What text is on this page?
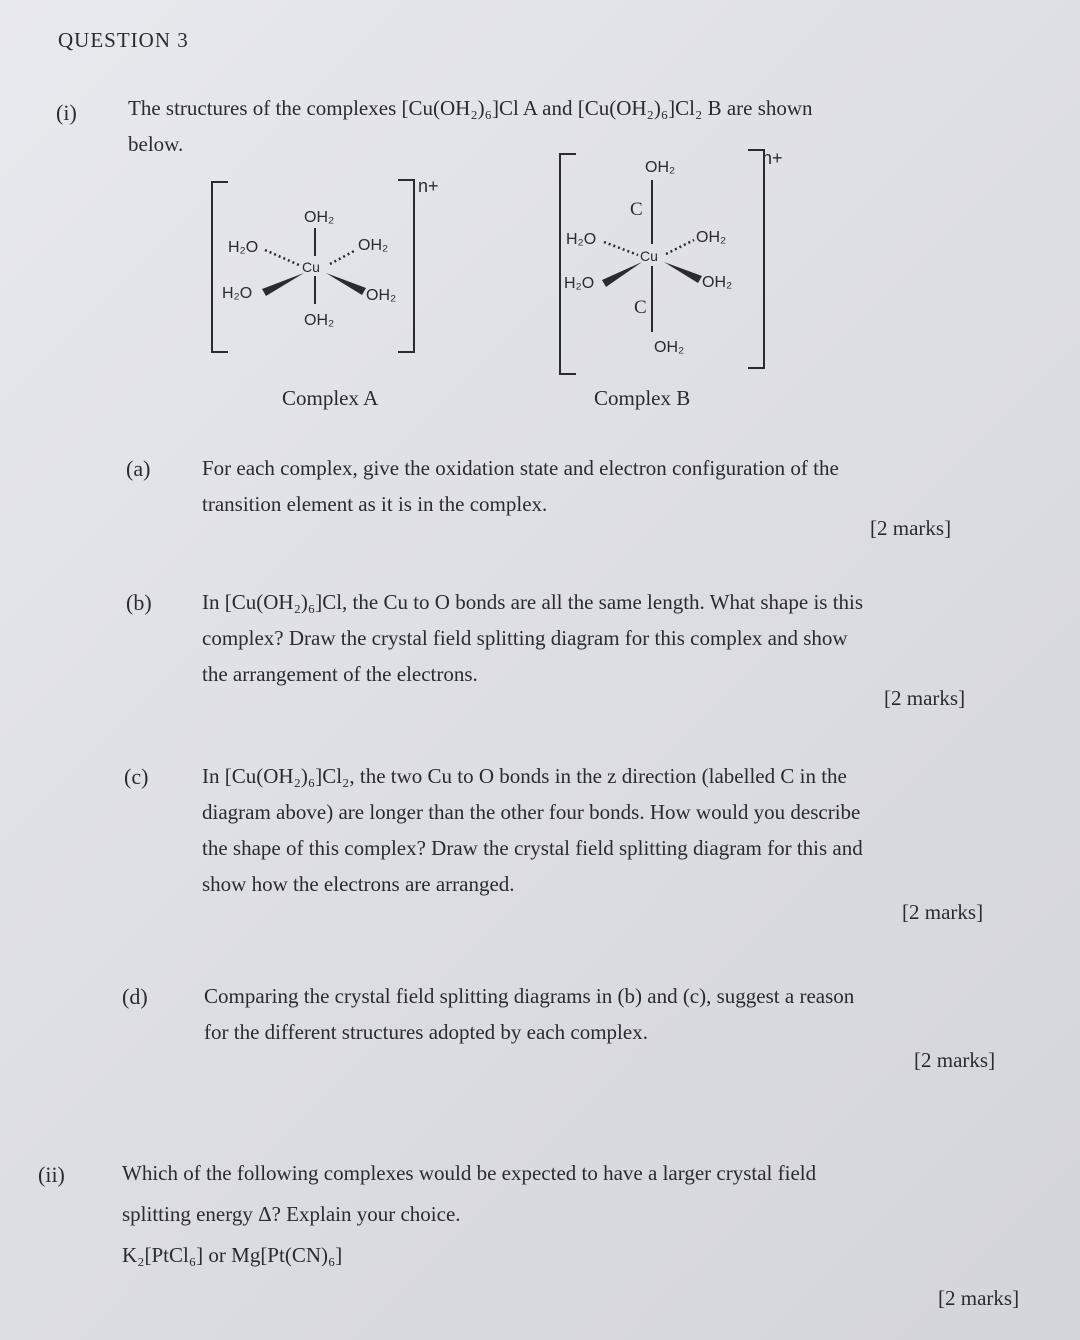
QUESTION 3
(i) The structures of the complexes [Cu(OH₂)₆]Cl A and [Cu(OH₂)₆]Cl₂ B are shown
below.
n+
OH₂
Cu
OH₂
H₂O	OH₂
H₂O	OH₂
n+
OH₂
C
Cu
C
OH₂
H₂O	OH₂
H₂O	OH₂
Complex A	Complex B
(a) For each complex, give the oxidation state and electron configuration of the
transition element as it is in the complex.
[2 marks]
(b) In [Cu(OH₂)₆]Cl, the Cu to O bonds are all the same length. What shape is this
complex? Draw the crystal field splitting diagram for this complex and show
the arrangement of the electrons.
[2 marks]
(c)	In [Cu(OH₂)₆]Cl₂, the two Cu to O bonds in the z direction (labelled C in the
diagram above) are longer than the other four bonds. How would you describe
the shape of this complex? Draw the crystal field splitting diagram for this and
show how the electrons are arranged.
[2 marks]
(d)	Comparing the crystal field splitting diagrams in (b) and (c), suggest a reason
for the different structures adopted by each complex.
[2 marks]
(ii)	Which of the following complexes would be expected to have a larger crystal field
splitting energy Δ? Explain your choice.
K₂[PtCl₆] or Mg[Pt(CN)₆]
[2 marks]
